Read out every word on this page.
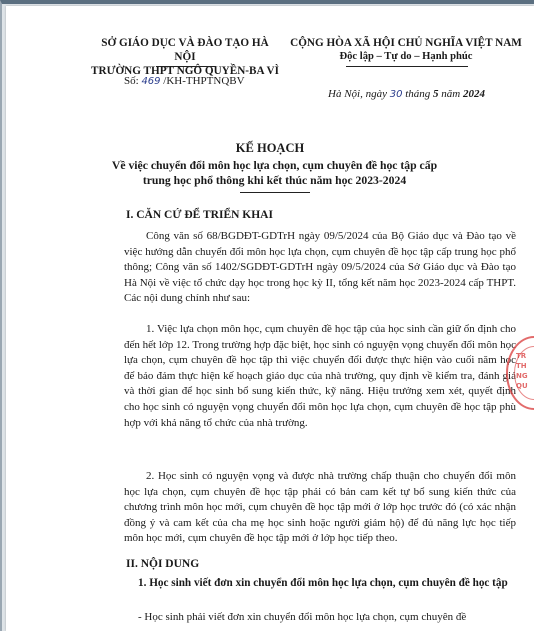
SỞ GIÁO DỤC VÀ ĐÀO TẠO HÀ NỘI
TRƯỜNG THPT NGÔ QUYỀN-BA VÌ
CỘNG HÒA XÃ HỘI CHỦ NGHĨA VIỆT NAM
Độc lập – Tự do – Hạnh phúc
Số: 469 /KH-THPTNQBV
Hà Nội, ngày 30 tháng 5 năm 2024
KẾ HOẠCH
Về việc chuyển đổi môn học lựa chọn, cụm chuyên đề học tập cấp trung học phổ thông khi kết thúc năm học 2023-2024
I. CĂN CỨ ĐỂ TRIỂN KHAI
Công văn số 68/BGDĐT-GDTrH ngày 09/5/2024 của Bộ Giáo dục và Đào tạo về việc hướng dẫn chuyển đổi môn học lựa chọn, cụm chuyên đề học tập cấp trung học phổ thông; Công văn số 1402/SGDĐT-GDTrH ngày 09/5/2024 của Sở Giáo dục và Đào tạo Hà Nội về việc tổ chức dạy học trong học kỳ II, tổng kết năm học 2023-2024 cấp THPT. Các nội dung chính như sau:
1. Việc lựa chọn môn học, cụm chuyên đề học tập của học sinh cần giữ ổn định cho đến hết lớp 12. Trong trường hợp đặc biệt, học sinh có nguyện vọng chuyển đổi môn học lựa chọn, cụm chuyên đề học tập thì việc chuyển đổi được thực hiện vào cuối năm học để bảo đảm thực hiện kế hoạch giáo dục của nhà trường, quy định về kiểm tra, đánh giá và thời gian để học sinh bổ sung kiến thức, kỹ năng. Hiệu trưởng xem xét, quyết định cho học sinh có nguyện vọng chuyển đổi môn học lựa chọn, cụm chuyên đề học tập phù hợp với khả năng tổ chức của nhà trường.
2. Học sinh có nguyện vọng và được nhà trường chấp thuận cho chuyển đổi môn học lựa chọn, cụm chuyên đề học tập phải có bản cam kết tự bổ sung kiến thức của chương trình môn học mới, cụm chuyên đề học tập mới ở lớp học trước đó (có xác nhận đồng ý và cam kết của cha mẹ học sinh hoặc người giám hộ) để đủ năng lực học tiếp môn học mới, cụm chuyên đề học tập mới ở lớp học tiếp theo.
II. NỘI DUNG
1. Học sinh viết đơn xin chuyển đổi môn học lựa chọn, cụm chuyên đề học tập
- Học sinh phải viết đơn xin chuyển đổi môn học lựa chọn, cụm chuyên đề
TR
TH
NG
QU
